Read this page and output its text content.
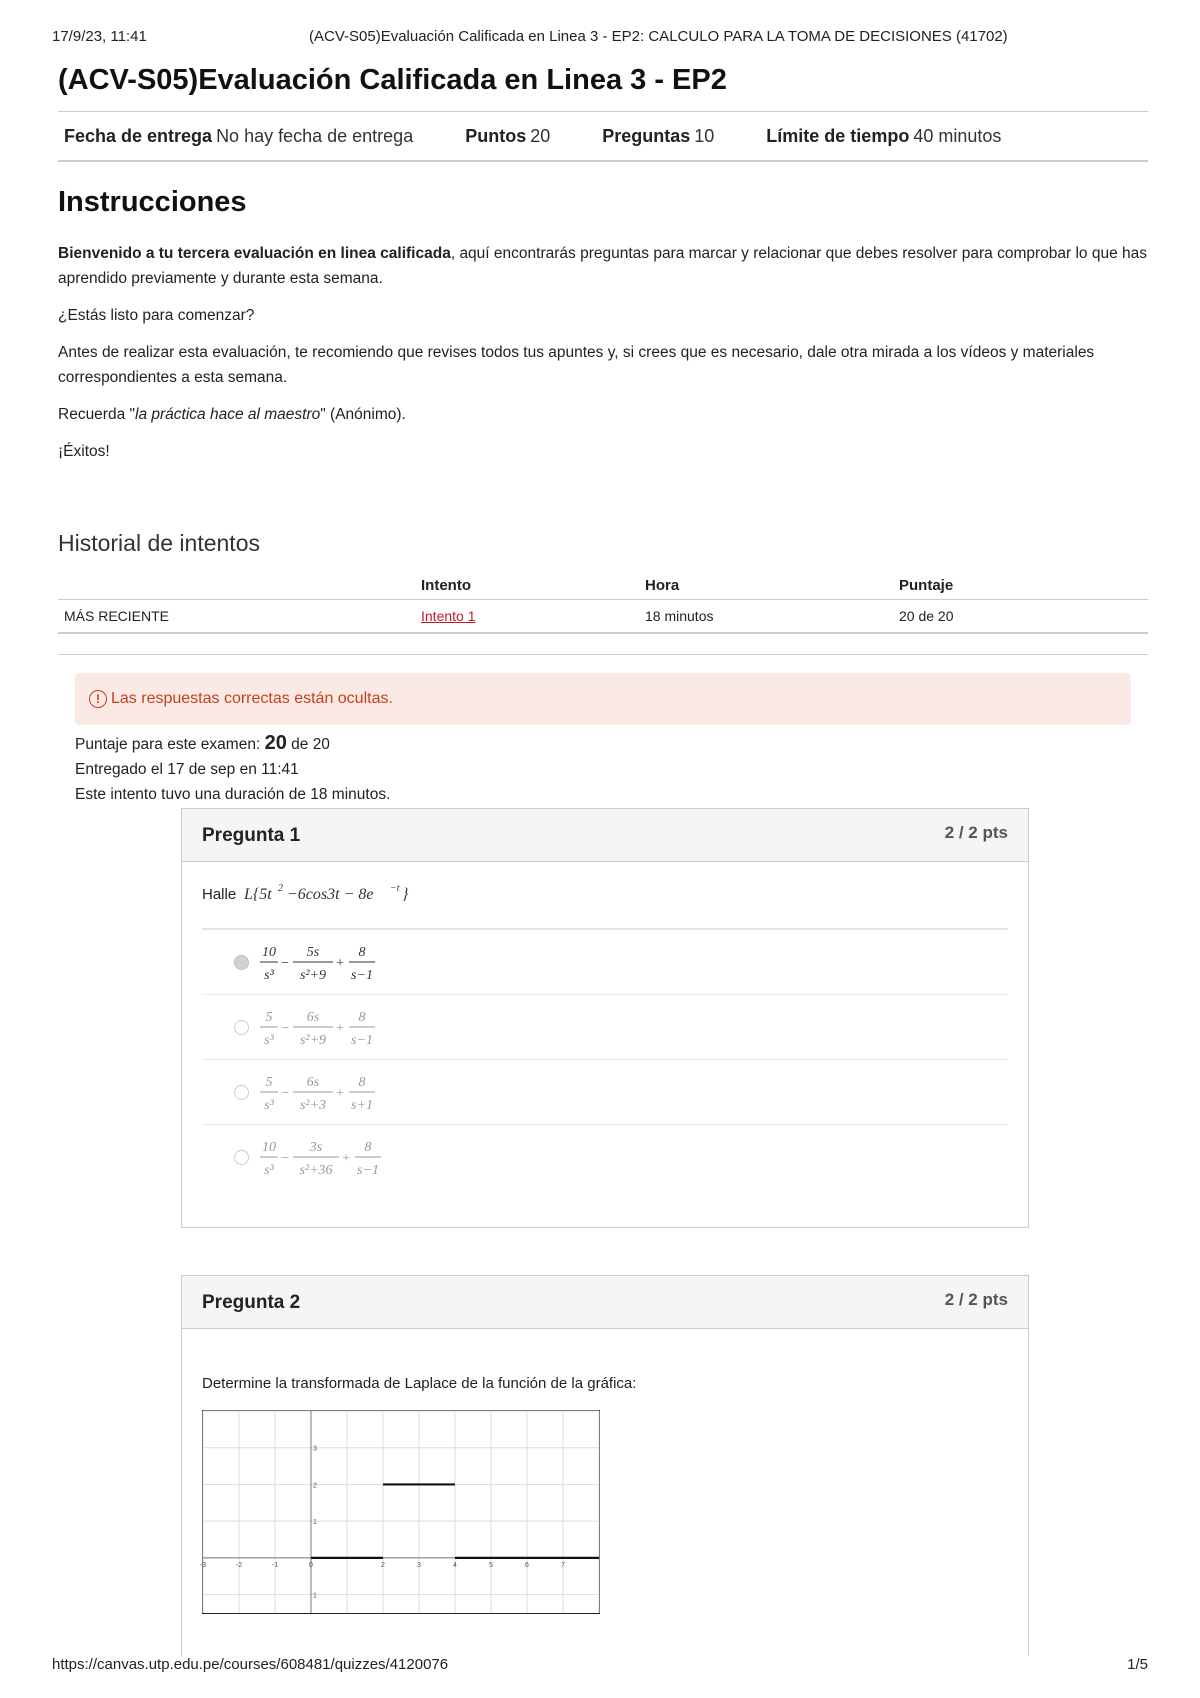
17/9/23, 11:41	(ACV-S05)Evaluación Calificada en Linea 3 - EP2: CALCULO PARA LA TOMA DE DECISIONES (41702)
(ACV-S05)Evaluación Calificada en Linea 3 - EP2
Fecha de entrega No hay fecha de entrega	Puntos 20	Preguntas 10	Límite de tiempo 40 minutos
Instrucciones

Bienvenido a tu tercera evaluación en linea calificada, aquí encontrarás preguntas para marcar y relacionar que debes resolver para comprobar lo que has aprendido previamente y durante esta semana.

¿Estás listo para comenzar?

Antes de realizar esta evaluación, te recomiendo que revises todos tus apuntes y, si crees que es necesario, dale otra mirada a los vídeos y materiales correspondientes a esta semana.

Recuerda "la práctica hace al maestro" (Anónimo).

¡Éxitos!

Historial de intentos
	Intento	Hora	Puntaje
MÁS RECIENTE	Intento 1	18 minutos	20 de 20
! Las respuestas correctas están ocultas.
Puntaje para este examen: 20 de 20
Entregado el 17 de sep en 11:41
Este intento tuvo una duración de 18 minutos.
Pregunta 1	2 / 2 pts
Halle
L{5t 2 −6cos3t − 8e −t }
10
s³
−
5s
s²+9
+
8
s−1
5
s³
−
6s
s²+9
+
8
s−1
5
s³
−
6s
s²+3
+
8
s+1
10
s³
−
3s
s²+36
+
8
s−1
Pregunta 2	2 / 2 pts
Determine la transformada de Laplace de la función de la gráfica:
-3	-2	-1	0	2	3	4	5	6	7
3
2
1
1
https://canvas.utp.edu.pe/courses/608481/quizzes/4120076	1/5
